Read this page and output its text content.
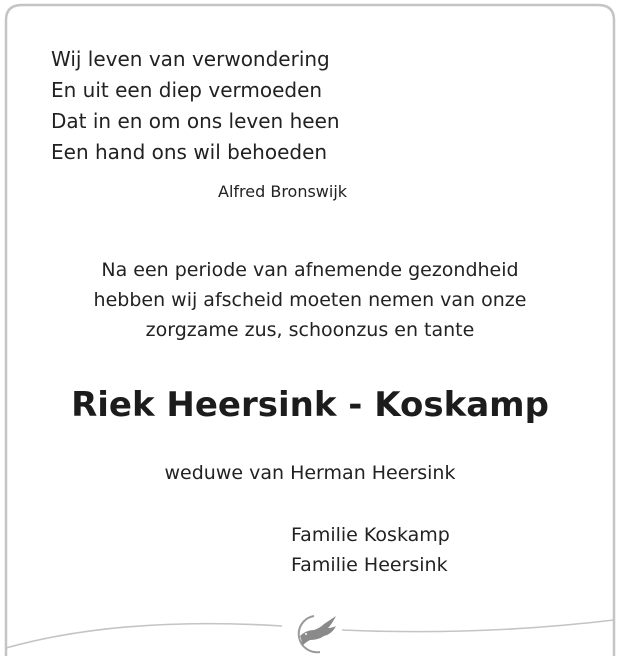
Wij leven van verwondering

En uit een diep vermoeden

Dat in en om ons leven heen

Een hand ons wil behoeden

Alfred Bronswijk

Na een periode van afnemende gezondheid

hebben wij afscheid moeten nemen van onze

zorgzame zus, schoonzus en tante

Riek Heersink - Koskamp

weduwe van Herman Heersink

Familie Koskamp

Familie Heersink
